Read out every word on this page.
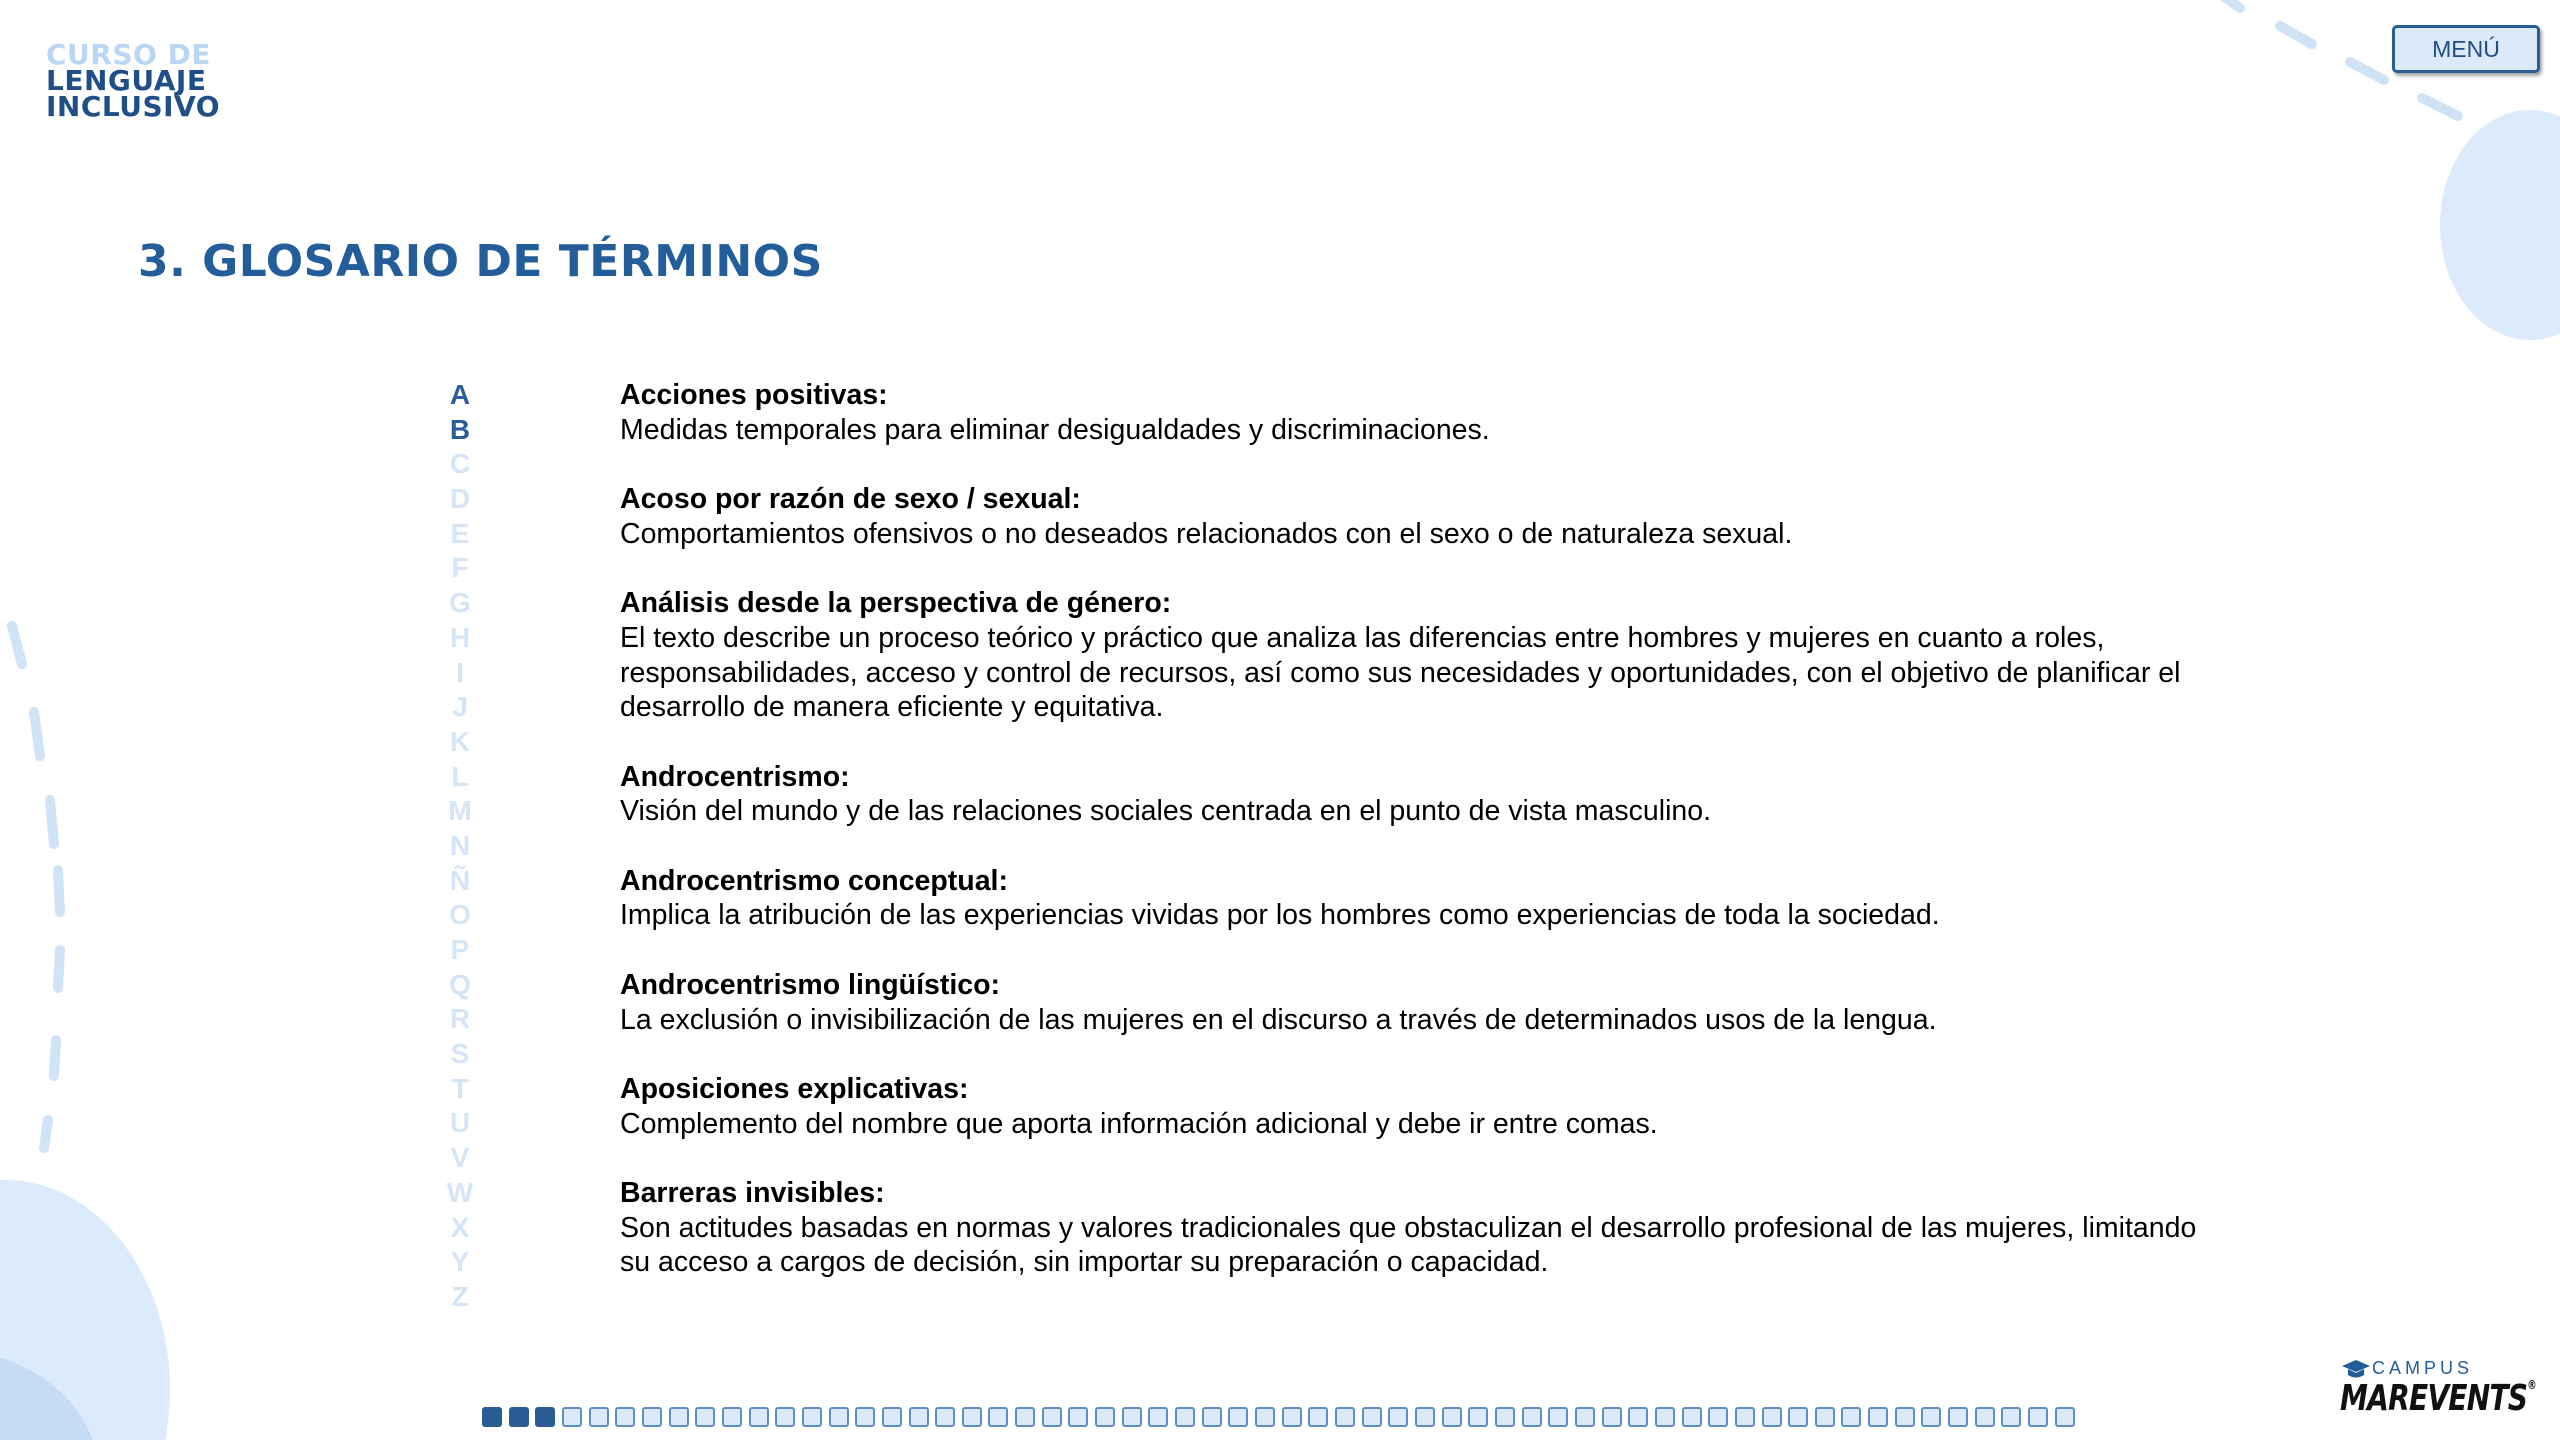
CURSO DE
LENGUAJE
INCLUSIVO
MENÚ
3. GLOSARIO DE TÉRMINOS
A
B
C
D
E
F
G
H
I
J
K
L
M
N
Ñ
O
P
Q
R
S
T
U
V
W
X
Y
Z
Acciones positivas:
Medidas temporales para eliminar desigualdades y discriminaciones.
Acoso por razón de sexo / sexual:
Comportamientos ofensivos o no deseados relacionados con el sexo o de naturaleza sexual.
Análisis desde la perspectiva de género:
El texto describe un proceso teórico y práctico que analiza las diferencias entre hombres y mujeres en cuanto a roles, responsabilidades, acceso y control de recursos, así como sus necesidades y oportunidades, con el objetivo de planificar el desarrollo de manera eficiente y equitativa.
Androcentrismo:
Visión del mundo y de las relaciones sociales centrada en el punto de vista masculino.
Androcentrismo conceptual:
Implica la atribución de las experiencias vividas por los hombres como experiencias de toda la sociedad.
Androcentrismo lingüístico:
La exclusión o invisibilización de las mujeres en el discurso a través de determinados usos de la lengua.
Aposiciones explicativas:
Complemento del nombre que aporta información adicional y debe ir entre comas.
Barreras invisibles:
Son actitudes basadas en normas y valores tradicionales que obstaculizan el desarrollo profesional de las mujeres, limitando su acceso a cargos de decisión, sin importar su preparación o capacidad.
CAMPUS
MAREVENTS®
